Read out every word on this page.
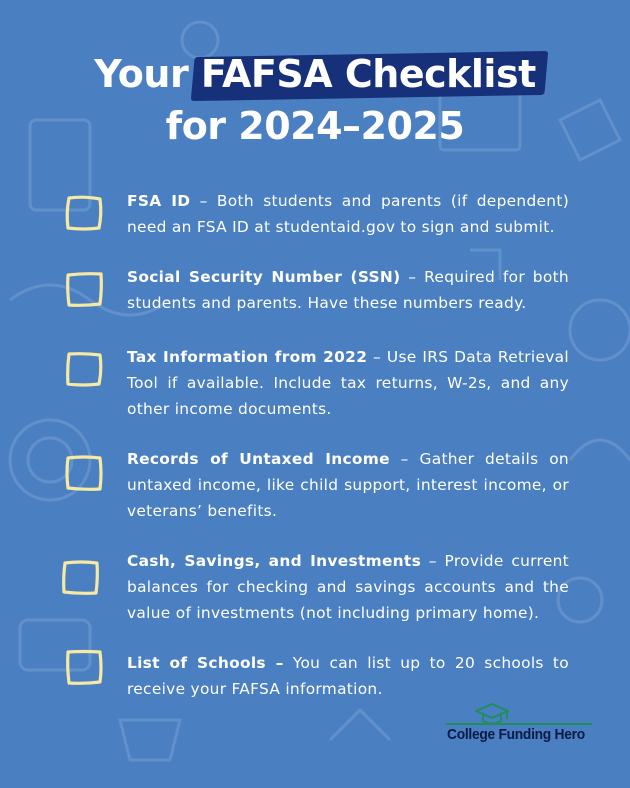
Your FAFSA Checklist
for 2024–2025
FSA ID – Both students and parents (if dependent) need an FSA ID at studentaid.gov to sign and submit.
Social Security Number (SSN) – Required for both students and parents. Have these numbers ready.
Tax Information from 2022 – Use IRS Data Retrieval Tool if available. Include tax returns, W-2s, and any other income documents.
Records of Untaxed Income – Gather details on untaxed income, like child support, interest income, or veterans’ benefits.
Cash, Savings, and Investments – Provide current balances for checking and savings accounts and the value of investments (not including primary home).
List of Schools – You can list up to 20 schools to receive your FAFSA information.
College Funding Hero
